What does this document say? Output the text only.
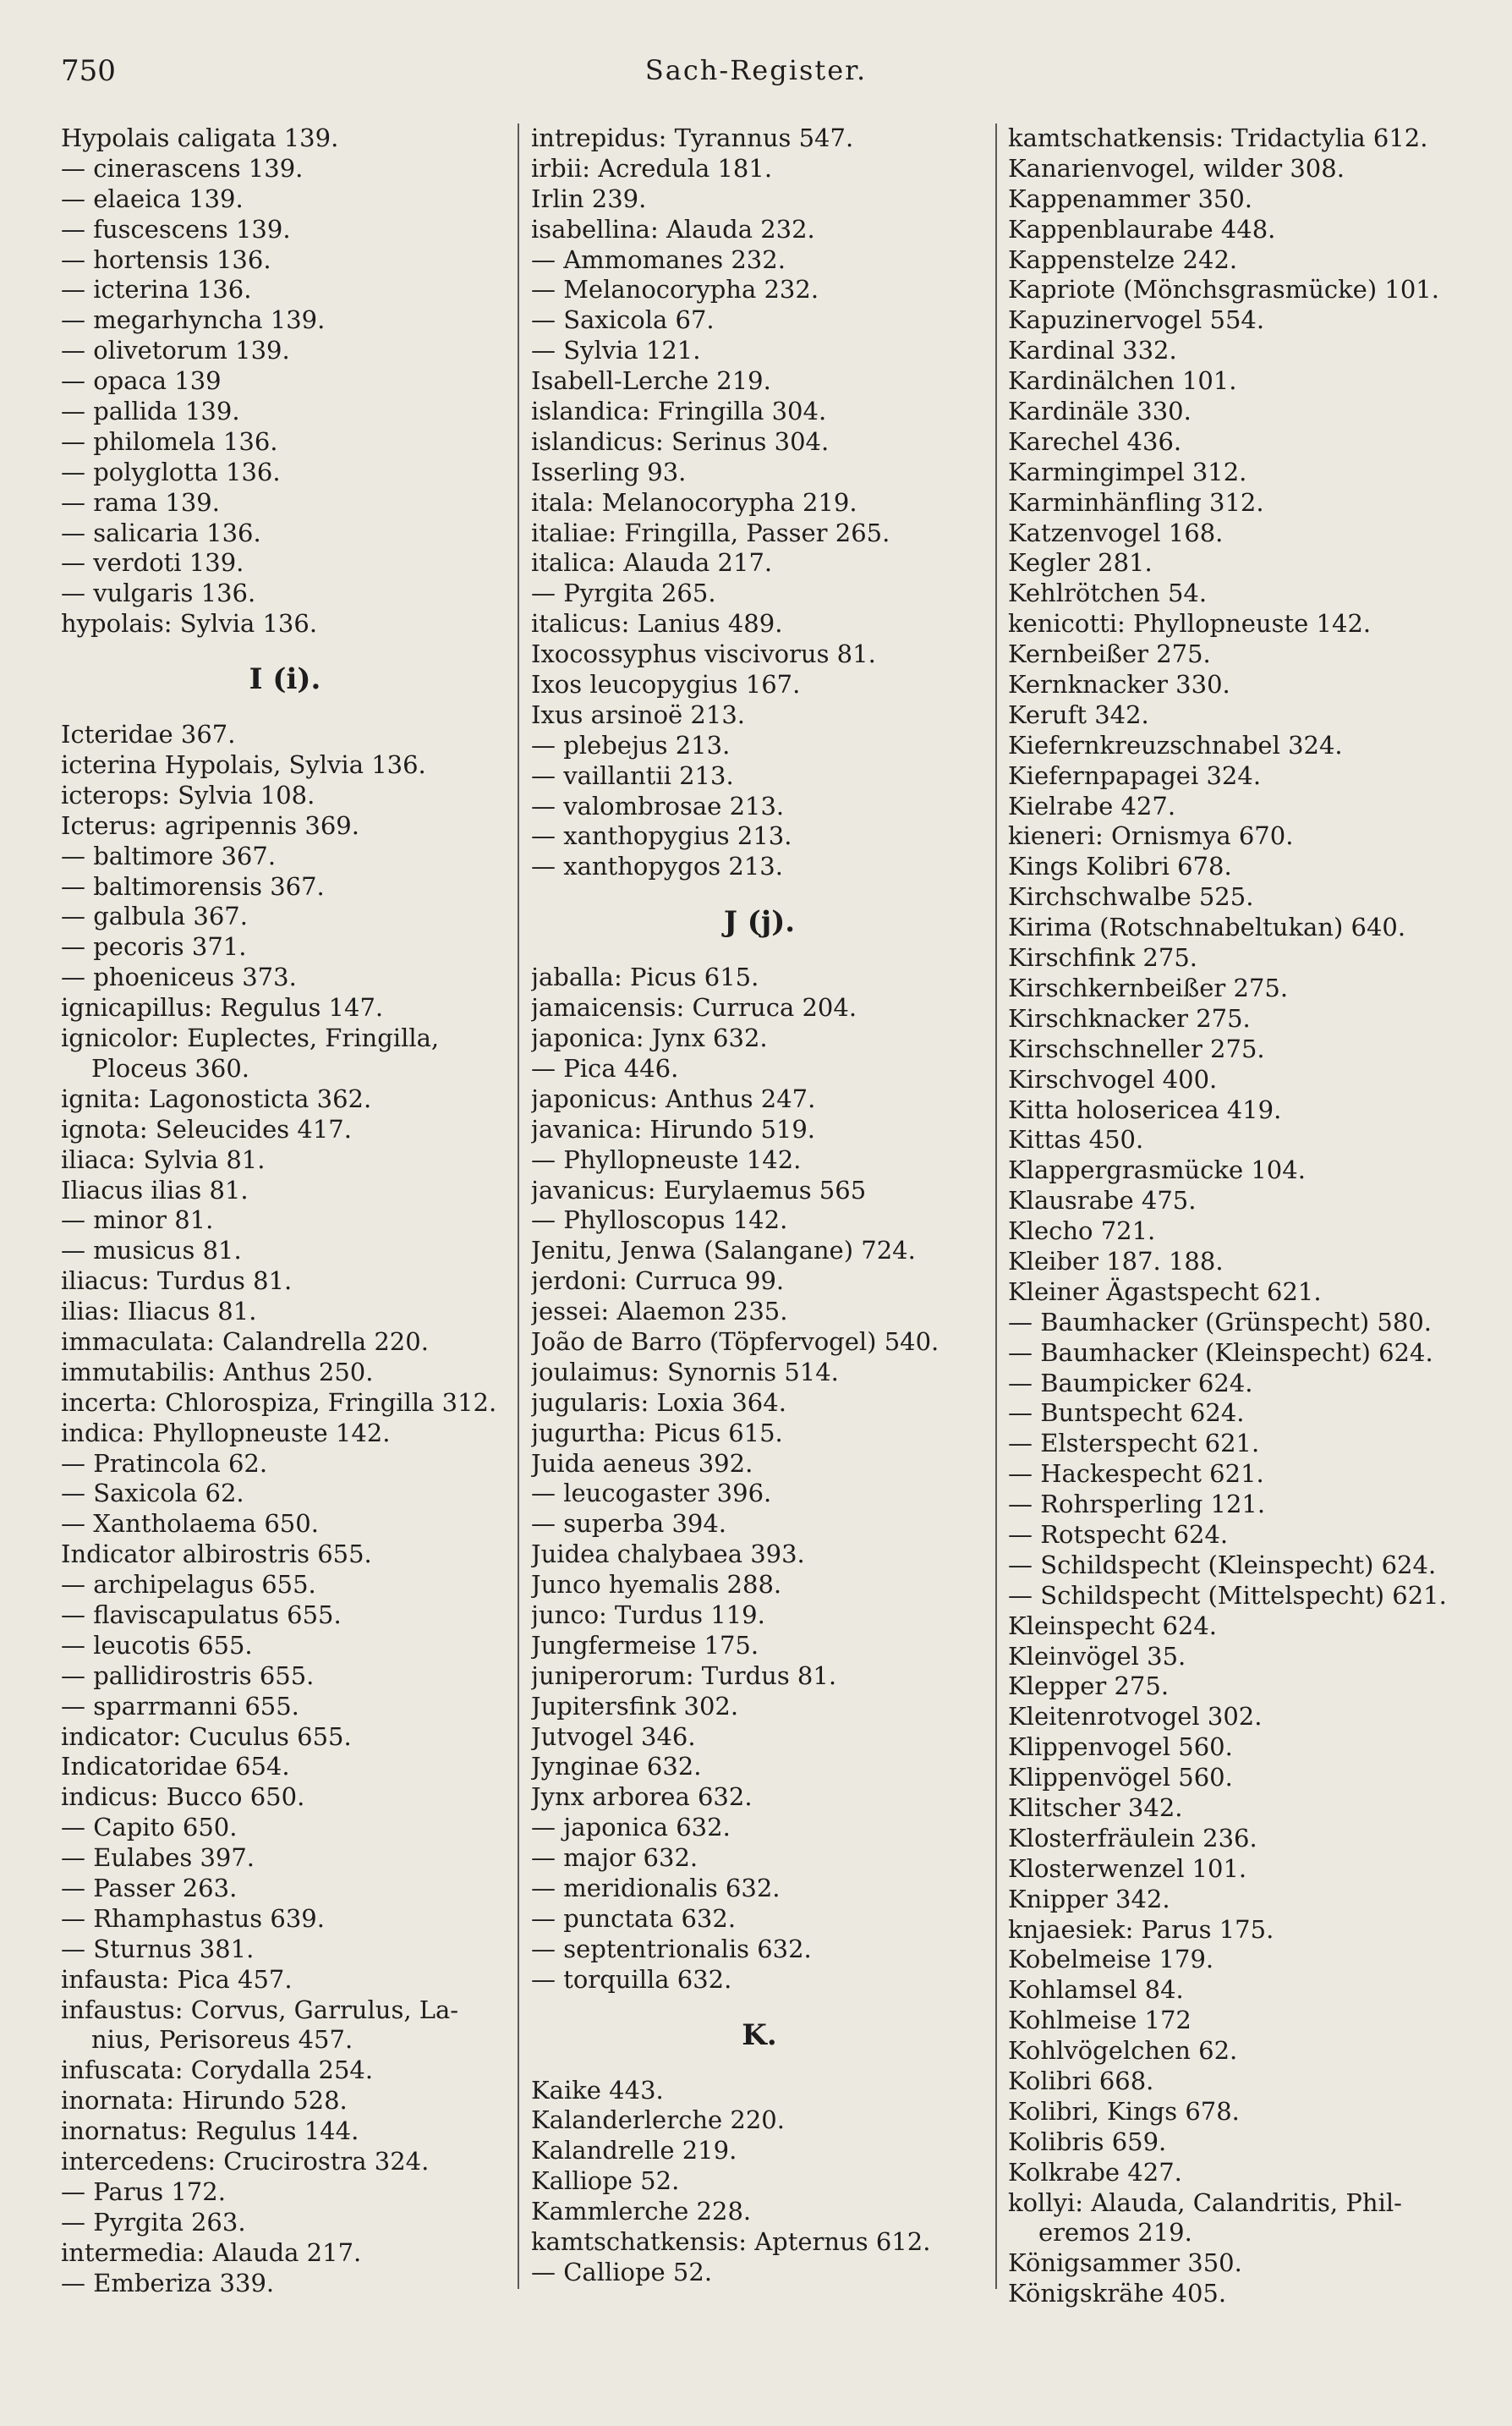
750	Sach-Register.
Hypolais caligata 139.
— cinerascens 139.
— elaeica 139.
— fuscescens 139.
— hortensis 136.
— icterina 136.
— megarhyncha 139.
— olivetorum 139.
— opaca 139
— pallida 139.
— philomela 136.
— polyglotta 136.
— rama 139.
— salicaria 136.
— verdoti 139.
— vulgaris 136.
hypolais: Sylvia 136.
I (i).
Icteridae 367.
icterina Hypolais, Sylvia 136.
icterops: Sylvia 108.
Icterus: agripennis 369.
— baltimore 367.
— baltimorensis 367.
— galbula 367.
— pecoris 371.
— phoeniceus 373.
ignicapillus: Regulus 147.
ignicolor: Euplectes, Fringilla,
Ploceus 360.
ignita: Lagonosticta 362.
ignota: Seleucides 417.
iliaca: Sylvia 81.
Iliacus ilias 81.
— minor 81.
— musicus 81.
iliacus: Turdus 81.
ilias: Iliacus 81.
immaculata: Calandrella 220.
immutabilis: Anthus 250.
incerta: Chlorospiza, Fringilla 312.
indica: Phyllopneuste 142.
— Pratincola 62.
— Saxicola 62.
— Xantholaema 650.
Indicator albirostris 655.
— archipelagus 655.
— flaviscapulatus 655.
— leucotis 655.
— pallidirostris 655.
— sparrmanni 655.
indicator: Cuculus 655.
Indicatoridae 654.
indicus: Bucco 650.
— Capito 650.
— Eulabes 397.
— Passer 263.
— Rhamphastus 639.
— Sturnus 381.
infausta: Pica 457.
infaustus: Corvus, Garrulus, La-
nius, Perisoreus 457.
infuscata: Corydalla 254.
inornata: Hirundo 528.
inornatus: Regulus 144.
intercedens: Crucirostra 324.
— Parus 172.
— Pyrgita 263.
intermedia: Alauda 217.
— Emberiza 339.
intrepidus: Tyrannus 547.
irbii: Acredula 181.
Irlin 239.
isabellina: Alauda 232.
— Ammomanes 232.
— Melanocorypha 232.
— Saxicola 67.
— Sylvia 121.
Isabell-Lerche 219.
islandica: Fringilla 304.
islandicus: Serinus 304.
Isserling 93.
itala: Melanocorypha 219.
italiae: Fringilla, Passer 265.
italica: Alauda 217.
— Pyrgita 265.
italicus: Lanius 489.
Ixocossyphus viscivorus 81.
Ixos leucopygius 167.
Ixus arsinoë 213.
— plebejus 213.
— vaillantii 213.
— valombrosae 213.
— xanthopygius 213.
— xanthopygos 213.
J (j).
jaballa: Picus 615.
jamaicensis: Curruca 204.
japonica: Jynx 632.
— Pica 446.
japonicus: Anthus 247.
javanica: Hirundo 519.
— Phyllopneuste 142.
javanicus: Eurylaemus 565
— Phylloscopus 142.
Jenitu, Jenwa (Salangane) 724.
jerdoni: Curruca 99.
jessei: Alaemon 235.
João de Barro (Töpfervogel) 540.
joulaimus: Synornis 514.
jugularis: Loxia 364.
jugurtha: Picus 615.
Juida aeneus 392.
— leucogaster 396.
— superba 394.
Juidea chalybaea 393.
Junco hyemalis 288.
junco: Turdus 119.
Jungfermeise 175.
juniperorum: Turdus 81.
Jupitersfink 302.
Jutvogel 346.
Jynginae 632.
Jynx arborea 632.
— japonica 632.
— major 632.
— meridionalis 632.
— punctata 632.
— septentrionalis 632.
— torquilla 632.
K.
Kaike 443.
Kalanderlerche 220.
Kalandrelle 219.
Kalliope 52.
Kammlerche 228.
kamtschatkensis: Apternus 612.
— Calliope 52.
kamtschatkensis: Tridactylia 612.
Kanarienvogel, wilder 308.
Kappenammer 350.
Kappenblaurabe 448.
Kappenstelze 242.
Kapriote (Mönchsgrasmücke) 101.
Kapuzinervogel 554.
Kardinal 332.
Kardinälchen 101.
Kardinäle 330.
Karechel 436.
Karmingimpel 312.
Karminhänfling 312.
Katzenvogel 168.
Kegler 281.
Kehlrötchen 54.
kenicotti: Phyllopneuste 142.
Kernbeißer 275.
Kernknacker 330.
Keruft 342.
Kiefernkreuzschnabel 324.
Kiefernpapagei 324.
Kielrabe 427.
kieneri: Ornismya 670.
Kings Kolibri 678.
Kirchschwalbe 525.
Kirima (Rotschnabeltukan) 640.
Kirschfink 275.
Kirschkernbeißer 275.
Kirschknacker 275.
Kirschschneller 275.
Kirschvogel 400.
Kitta holosericea 419.
Kittas 450.
Klappergrasmücke 104.
Klausrabe 475.
Klecho 721.
Kleiber 187. 188.
Kleiner Ägastspecht 621.
— Baumhacker (Grünspecht) 580.
— Baumhacker (Kleinspecht) 624.
— Baumpicker 624.
— Buntspecht 624.
— Elsterspecht 621.
— Hackespecht 621.
— Rohrsperling 121.
— Rotspecht 624.
— Schildspecht (Kleinspecht) 624.
— Schildspecht (Mittelspecht) 621.
Kleinspecht 624.
Kleinvögel 35.
Klepper 275.
Kleitenrotvogel 302.
Klippenvogel 560.
Klippenvögel 560.
Klitscher 342.
Klosterfräulein 236.
Klosterwenzel 101.
Knipper 342.
knjaesiek: Parus 175.
Kobelmeise 179.
Kohlamsel 84.
Kohlmeise 172
Kohlvögelchen 62.
Kolibri 668.
Kolibri, Kings 678.
Kolibris 659.
Kolkrabe 427.
kollyi: Alauda, Calandritis, Phil-
eremos 219.
Königsammer 350.
Königskrähe 405.
